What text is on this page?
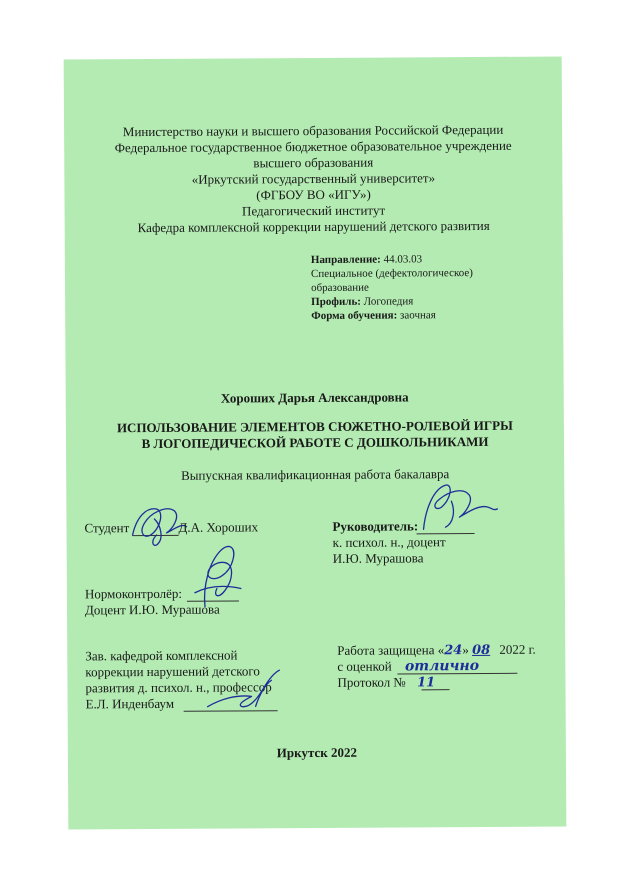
Министерство науки и высшего образования Российской Федерации
Федеральное государственное бюджетное образовательное учреждение
высшего образования
«Иркутский государственный университет»
(ФГБОУ ВО «ИГУ»)
Педагогический институт
Кафедра комплексной коррекции нарушений детского развития
Направление: 44.03.03
Специальное (дефектологическое)
образование
Профиль: Логопедия
Форма обучения: заочная
Хороших Дарья Александровна
ИСПОЛЬЗОВАНИЕ ЭЛЕМЕНТОВ СЮЖЕТНО-РОЛЕВОЙ ИГРЫ
В ЛОГОПЕДИЧЕСКОЙ РАБОТЕ С ДОШКОЛЬНИКАМИ
Выпускная квалификационная работа бакалавра
Студент	Д.А. Хороших	Руководитель:
к. психол. н., доцент
И.Ю. Мурашова
Нормоконтролёр:
Доцент И.Ю. Мурашова
Зав. кафедрой комплексной
коррекции нарушений детского
развития д. психол. н., профессор
Е.Л. Инденбаум
Работа защищена «24» 08 2022 г.
с оценкой отлично
Протокол № 11
Иркутск 2022
